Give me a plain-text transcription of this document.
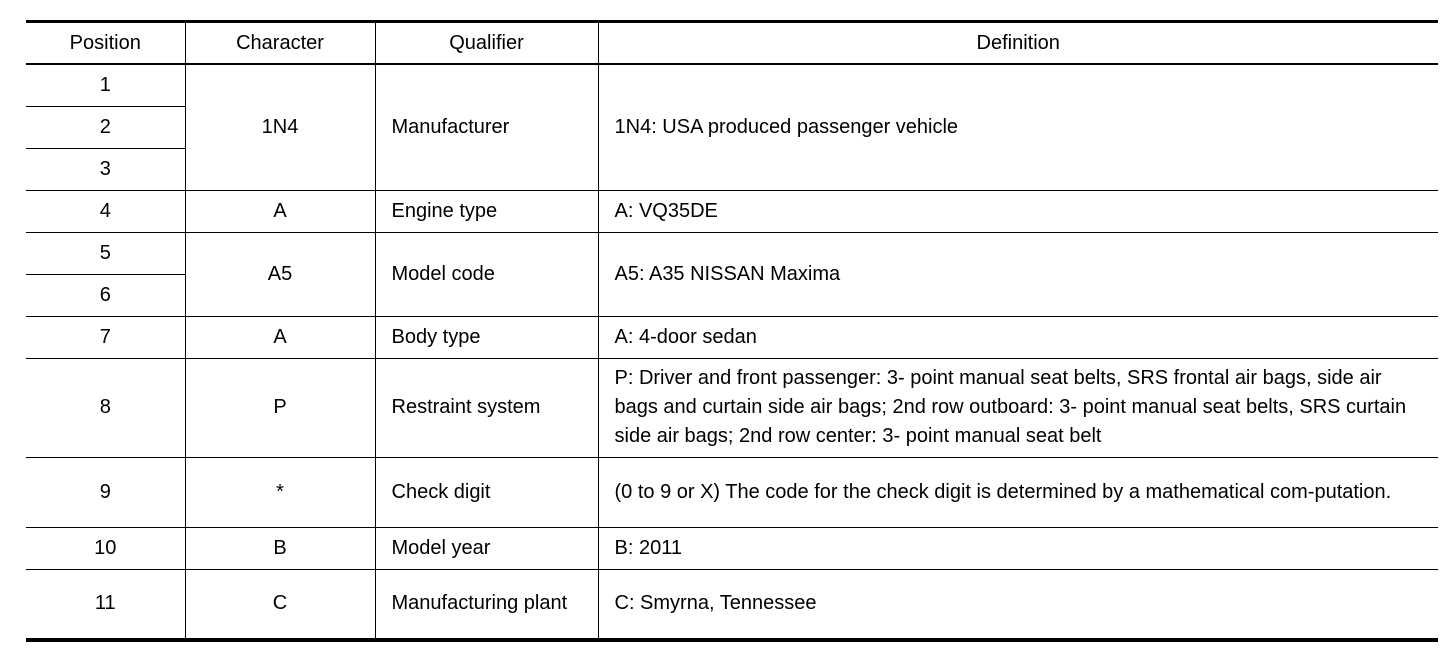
Position	Character	Qualifier	Definition
1	1N4	Manufacturer	1N4: USA produced passenger vehicle
2			
3			
4	A	Engine type	A: VQ35DE
5	A5	Model code	A5: A35 NISSAN Maxima
6			
7	A	Body type	A: 4-door sedan
8	P	Restraint system	P: Driver and front passenger: 3- point manual seat belts, SRS frontal air bags, side air bags and curtain side air bags; 2nd row outboard: 3- point manual seat belts, SRS curtain side air bags; 2nd row center: 3- point manual seat belt
9	*	Check digit	(0 to 9 or X) The code for the check digit is determined by a mathematical com-putation.
10	B	Model year	B: 2011
11	C	Manufacturing plant	C: Smyrna, Tennessee
